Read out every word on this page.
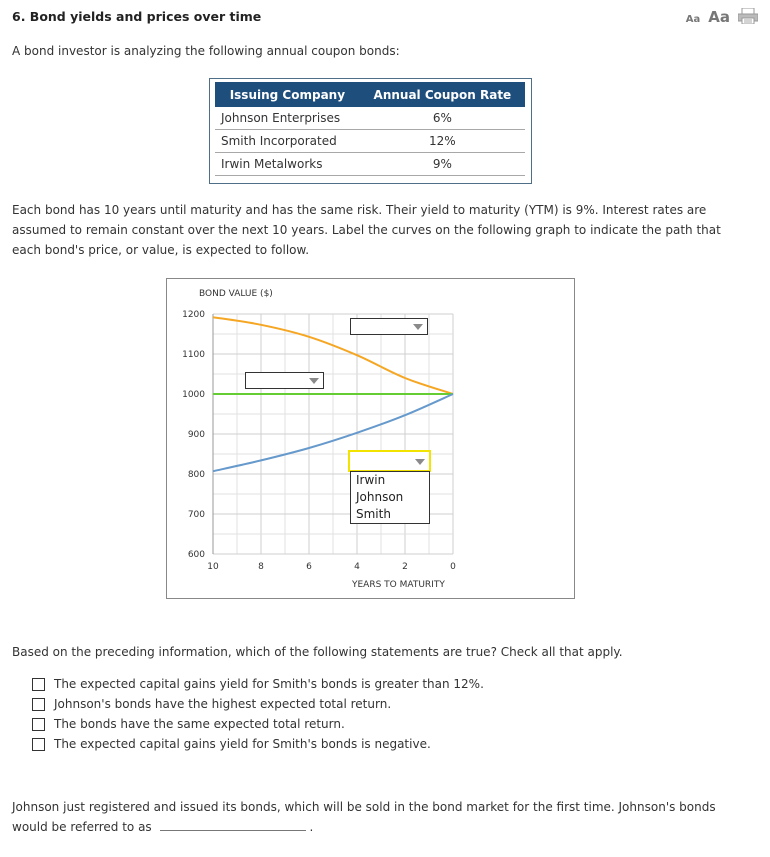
6. Bond yields and prices over time	Aa Aa
A bond investor is analyzing the following annual coupon bonds:
Issuing Company	Annual Coupon Rate
Johnson Enterprises	6%
Smith Incorporated	12%
Irwin Metalworks	9%
Each bond has 10 years until maturity and has the same risk. Their yield to maturity (YTM) is 9%. Interest rates are assumed to remain constant over the next 10 years. Label the curves on the following graph to indicate the path that each bond's price, or value, is expected to follow.
1200
1100
1000
900
800
700
600
10	8	6	4	2	0
BOND VALUE ($)
YEARS TO MATURITY
Irwin
Johnson
Smith
Based on the preceding information, which of the following statements are true? Check all that apply.
The expected capital gains yield for Smith's bonds is greater than 12%.
Johnson's bonds have the highest expected total return.
The bonds have the same expected total return.
The expected capital gains yield for Smith's bonds is negative.
Johnson just registered and issued its bonds, which will be sold in the bond market for the first time. Johnson's bonds would be referred to as	.
